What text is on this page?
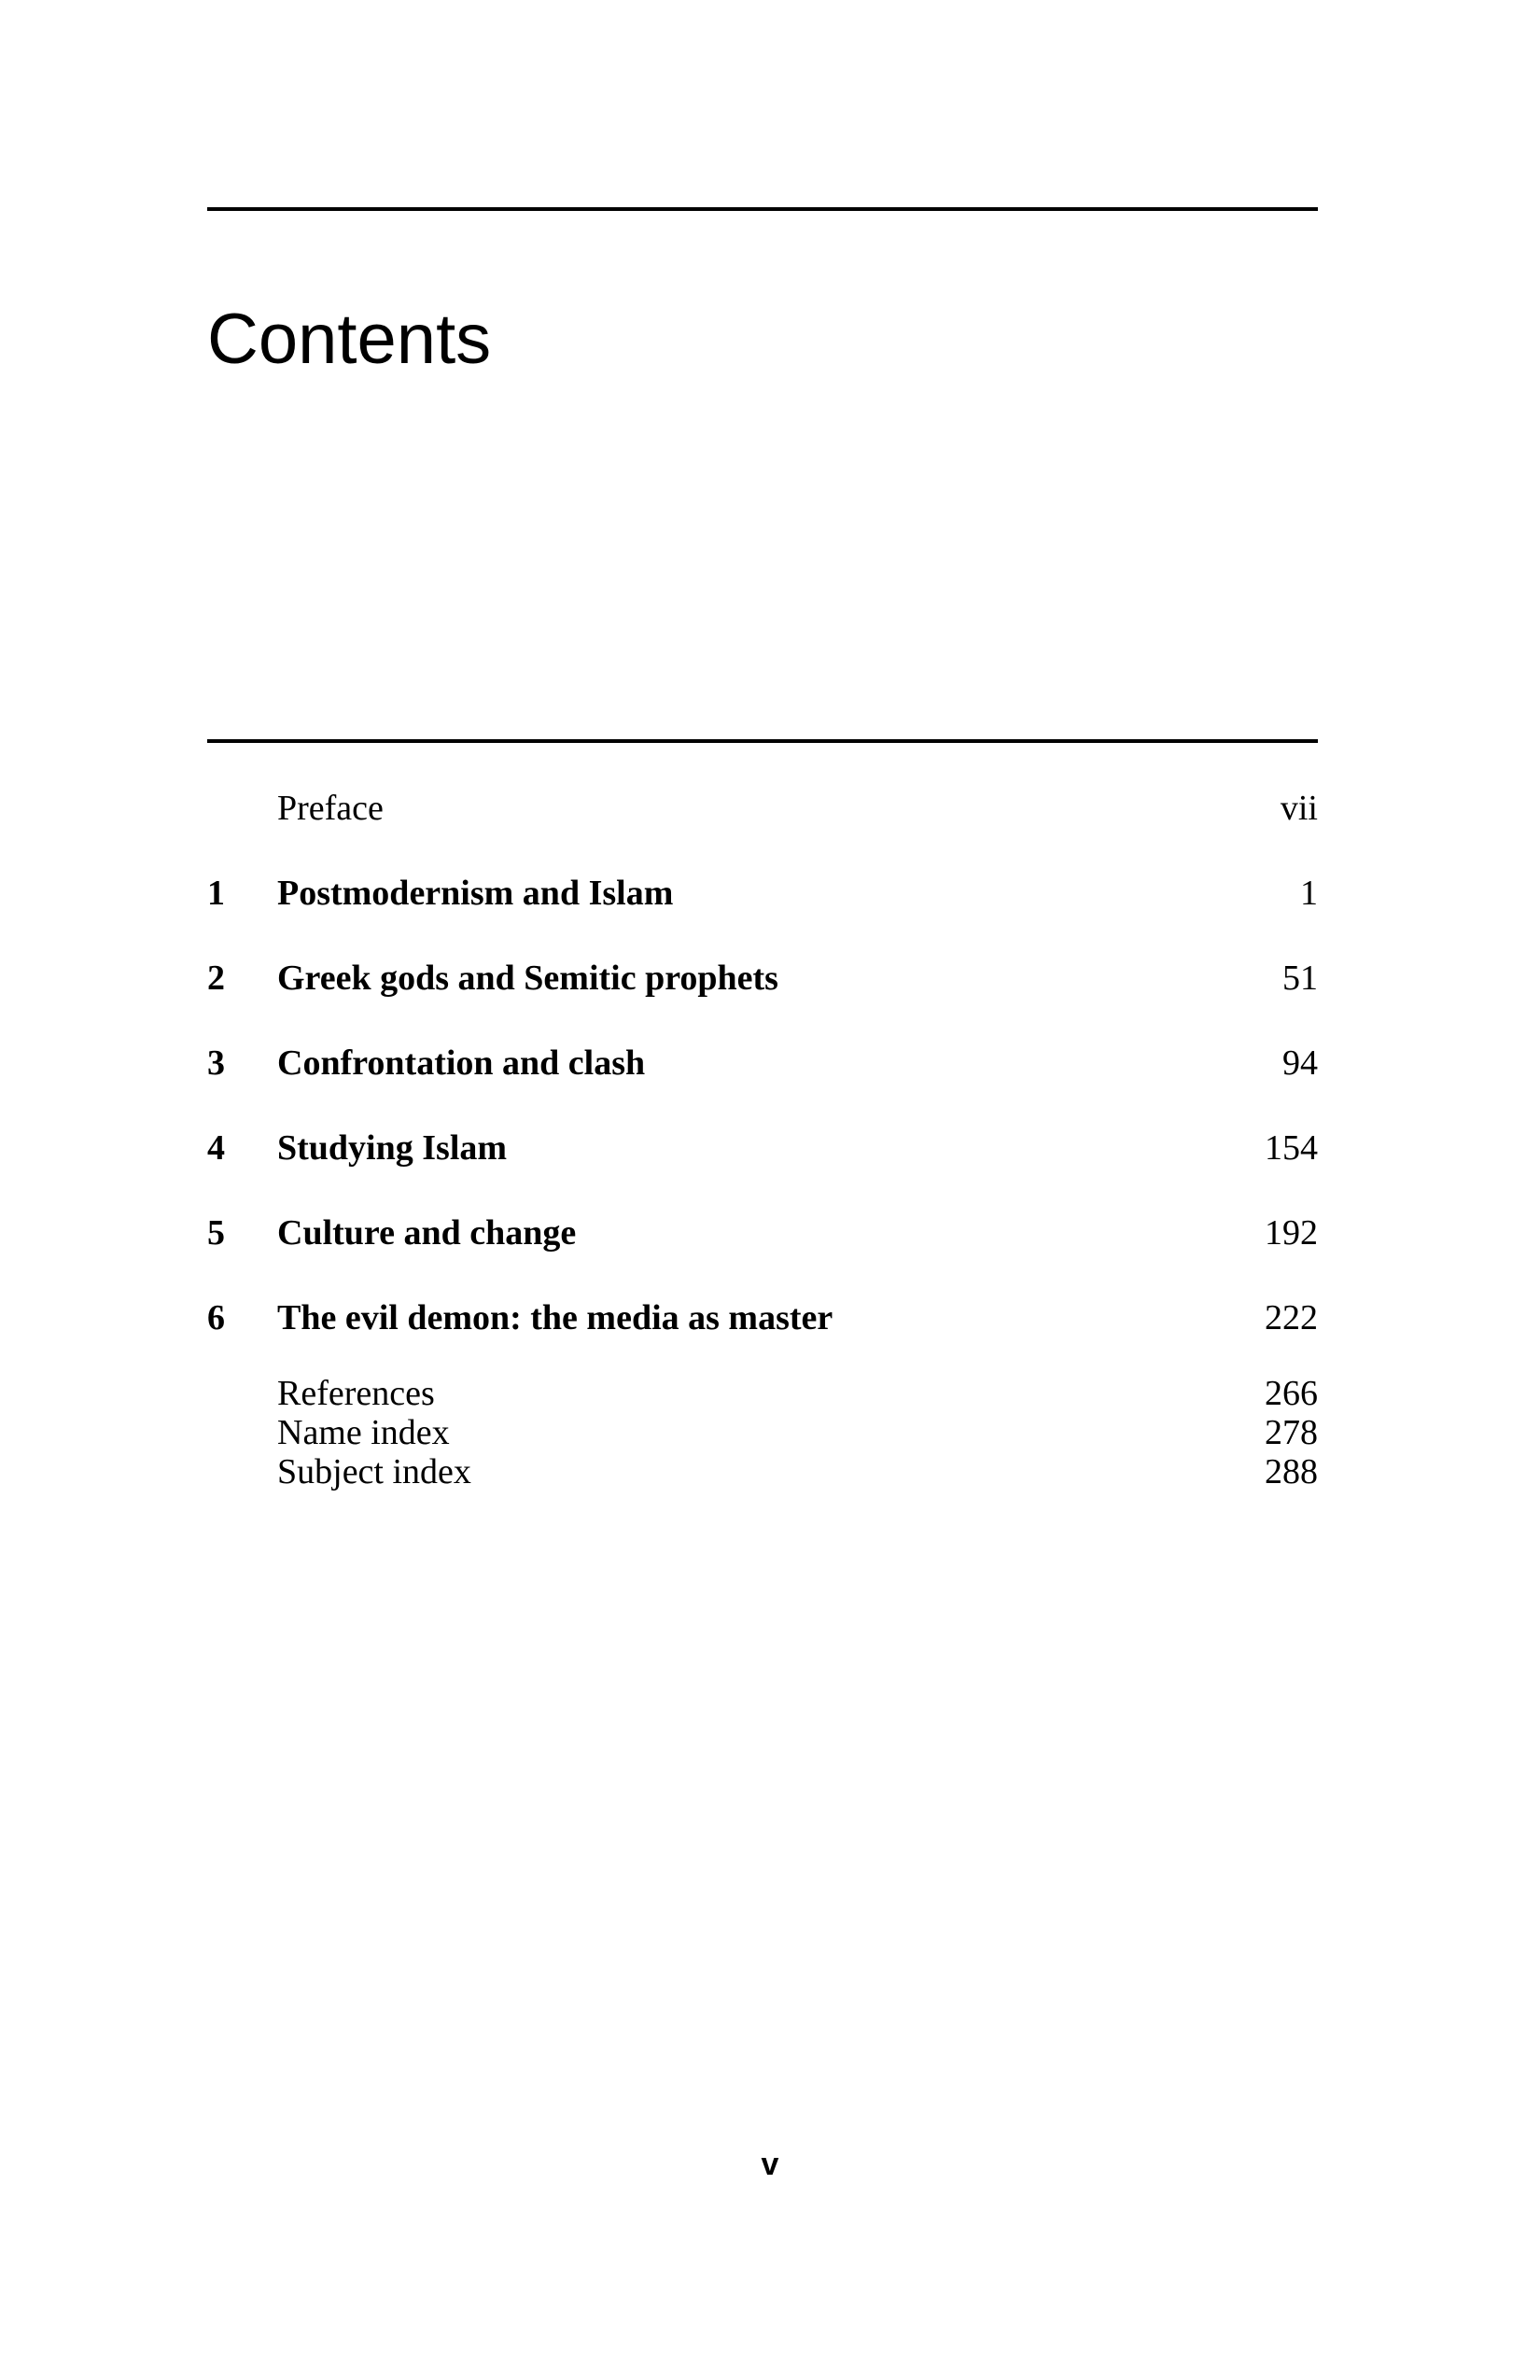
Contents
Preface	vii
1 Postmodernism and Islam	1
2 Greek gods and Semitic prophets	51
3 Confrontation and clash	94
4 Studying Islam	154
5 Culture and change	192
6 The evil demon: the media as master	222
References	266
Name index	278
Subject index	288
v
